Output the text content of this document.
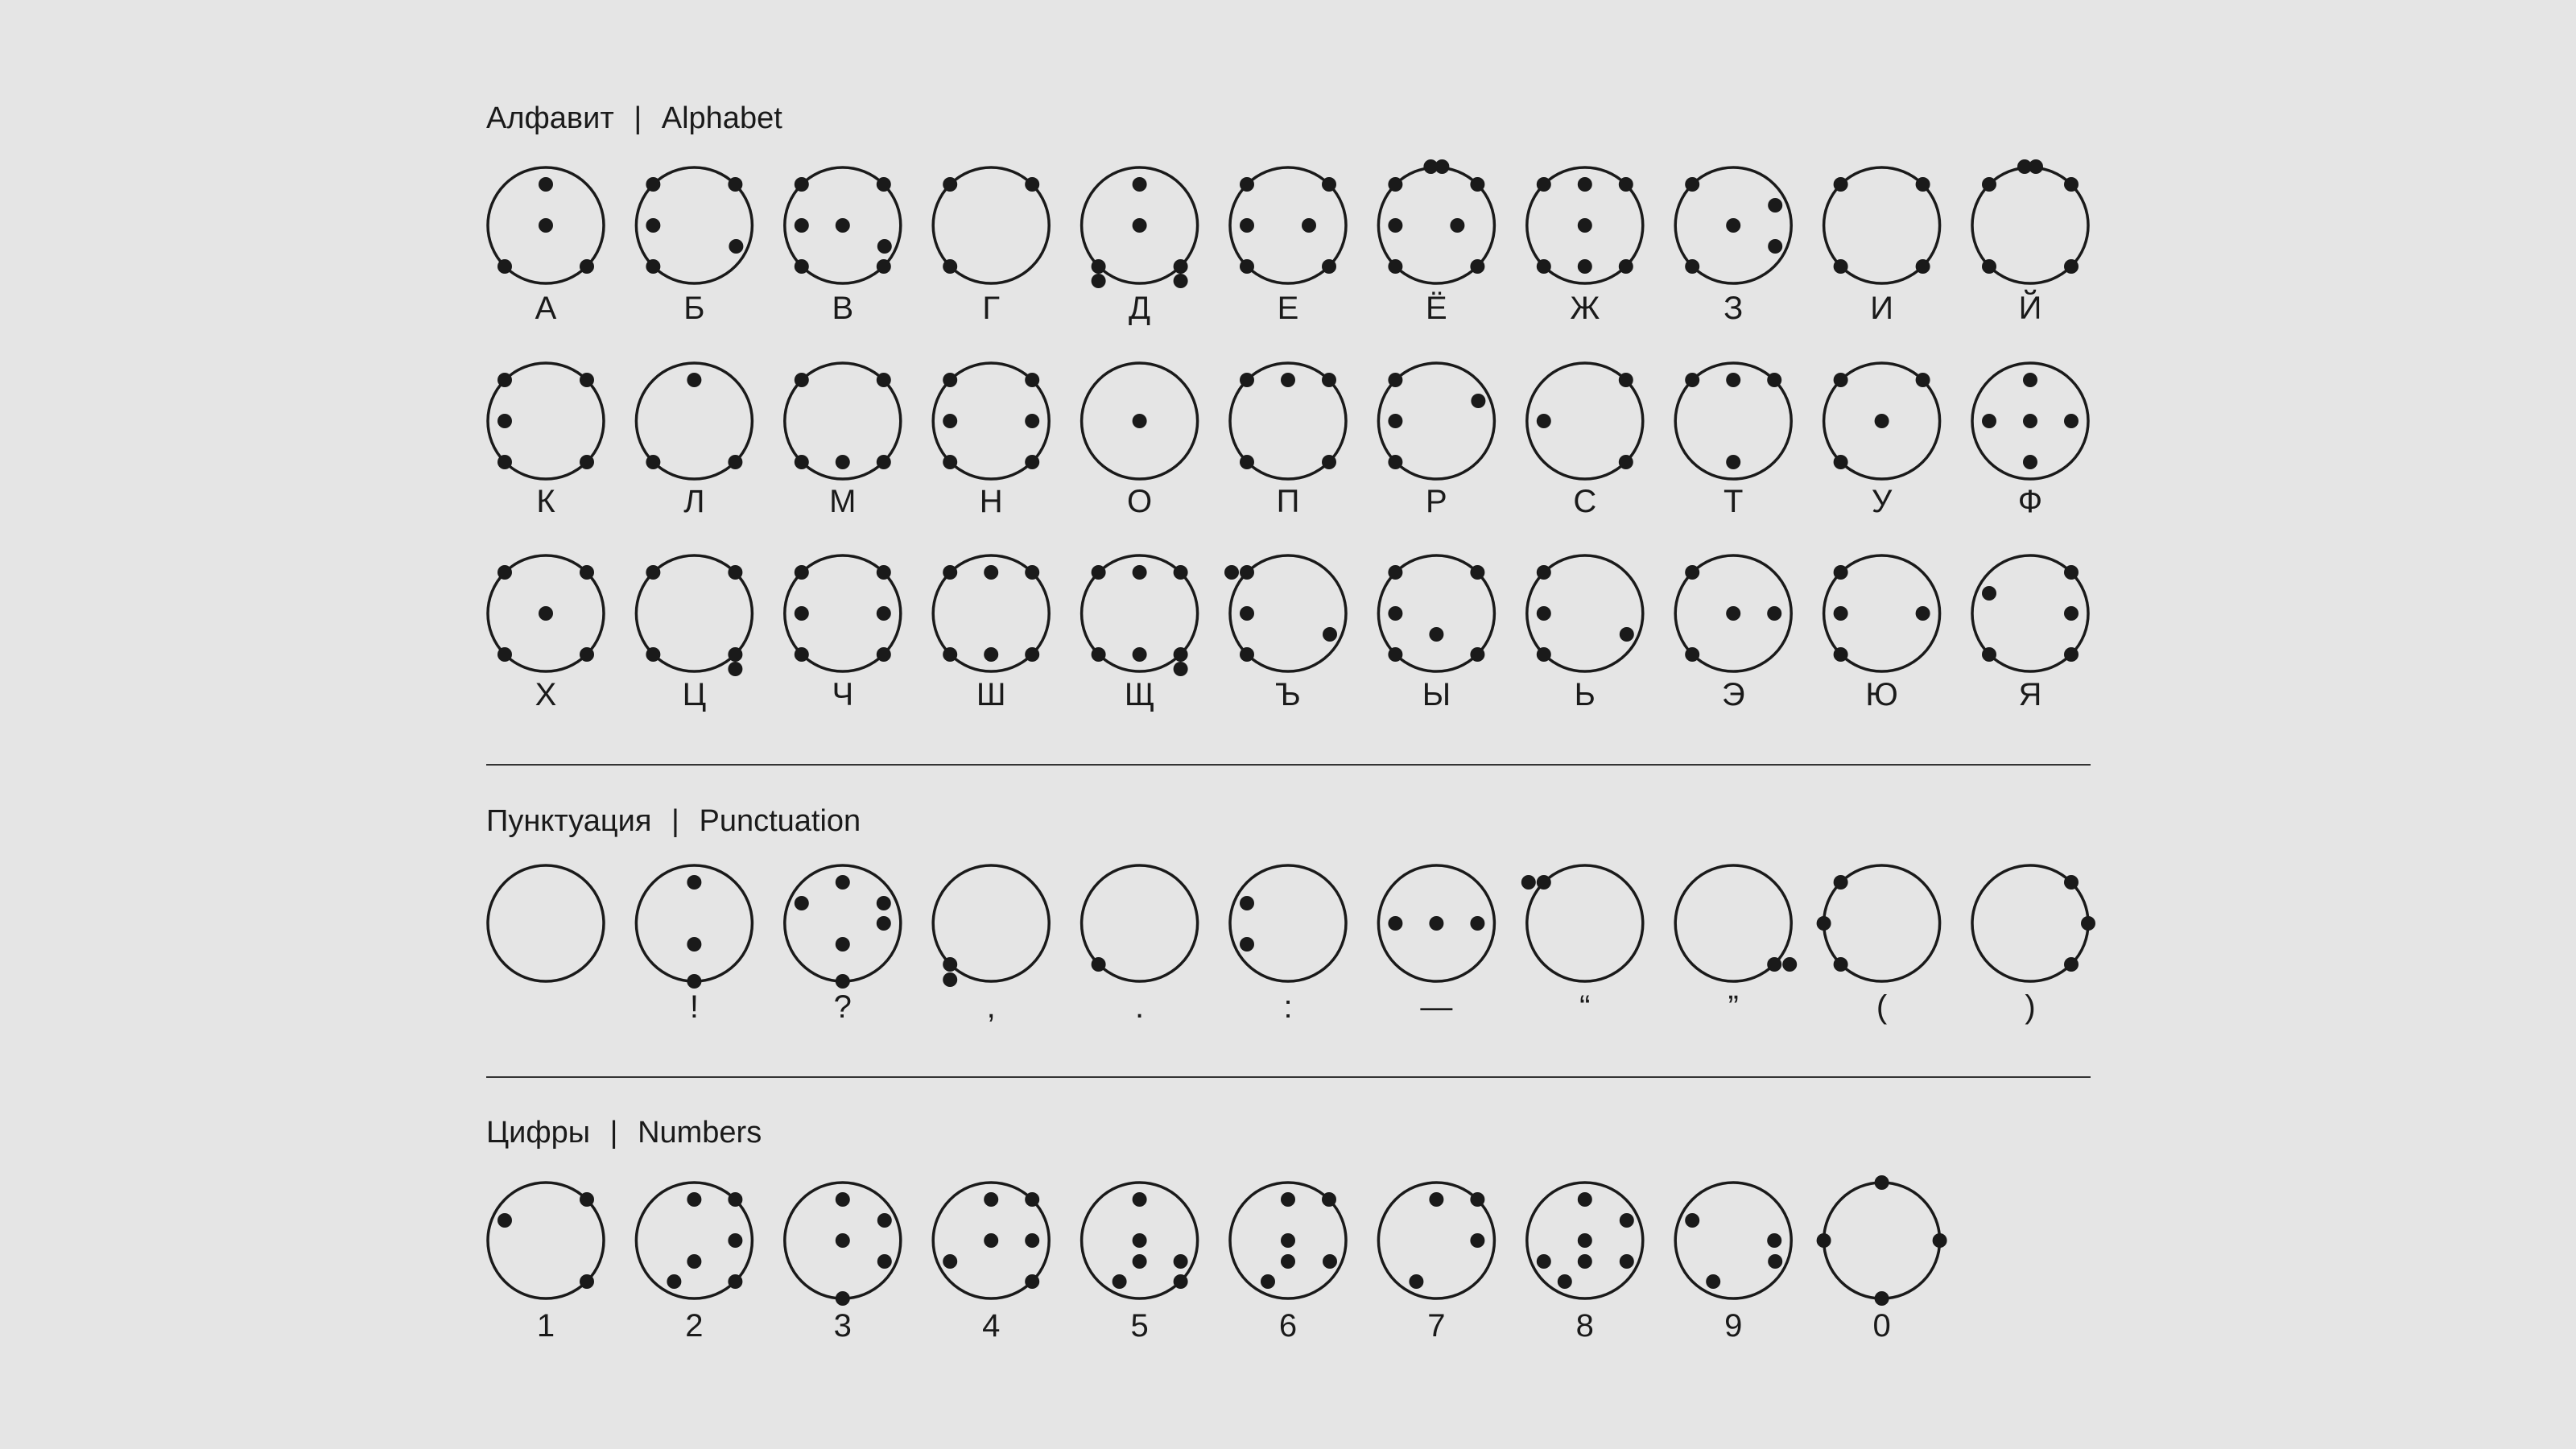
Алфавит | Alphabet
Пунктуация | Punctuation
Цифры | Numbers
А	Б	В	Г	Д	Е	Ё	Ж	З	И	Й
К	Л	М	Н	О	П	Р	С	Т	У	Ф
Х	Ц	Ч	Ш	Щ	Ъ	Ы	Ь	Э	Ю	Я
!	?	,	.	:	—	“	”	(	)
1	2	3	4	5	6	7	8	9	0
